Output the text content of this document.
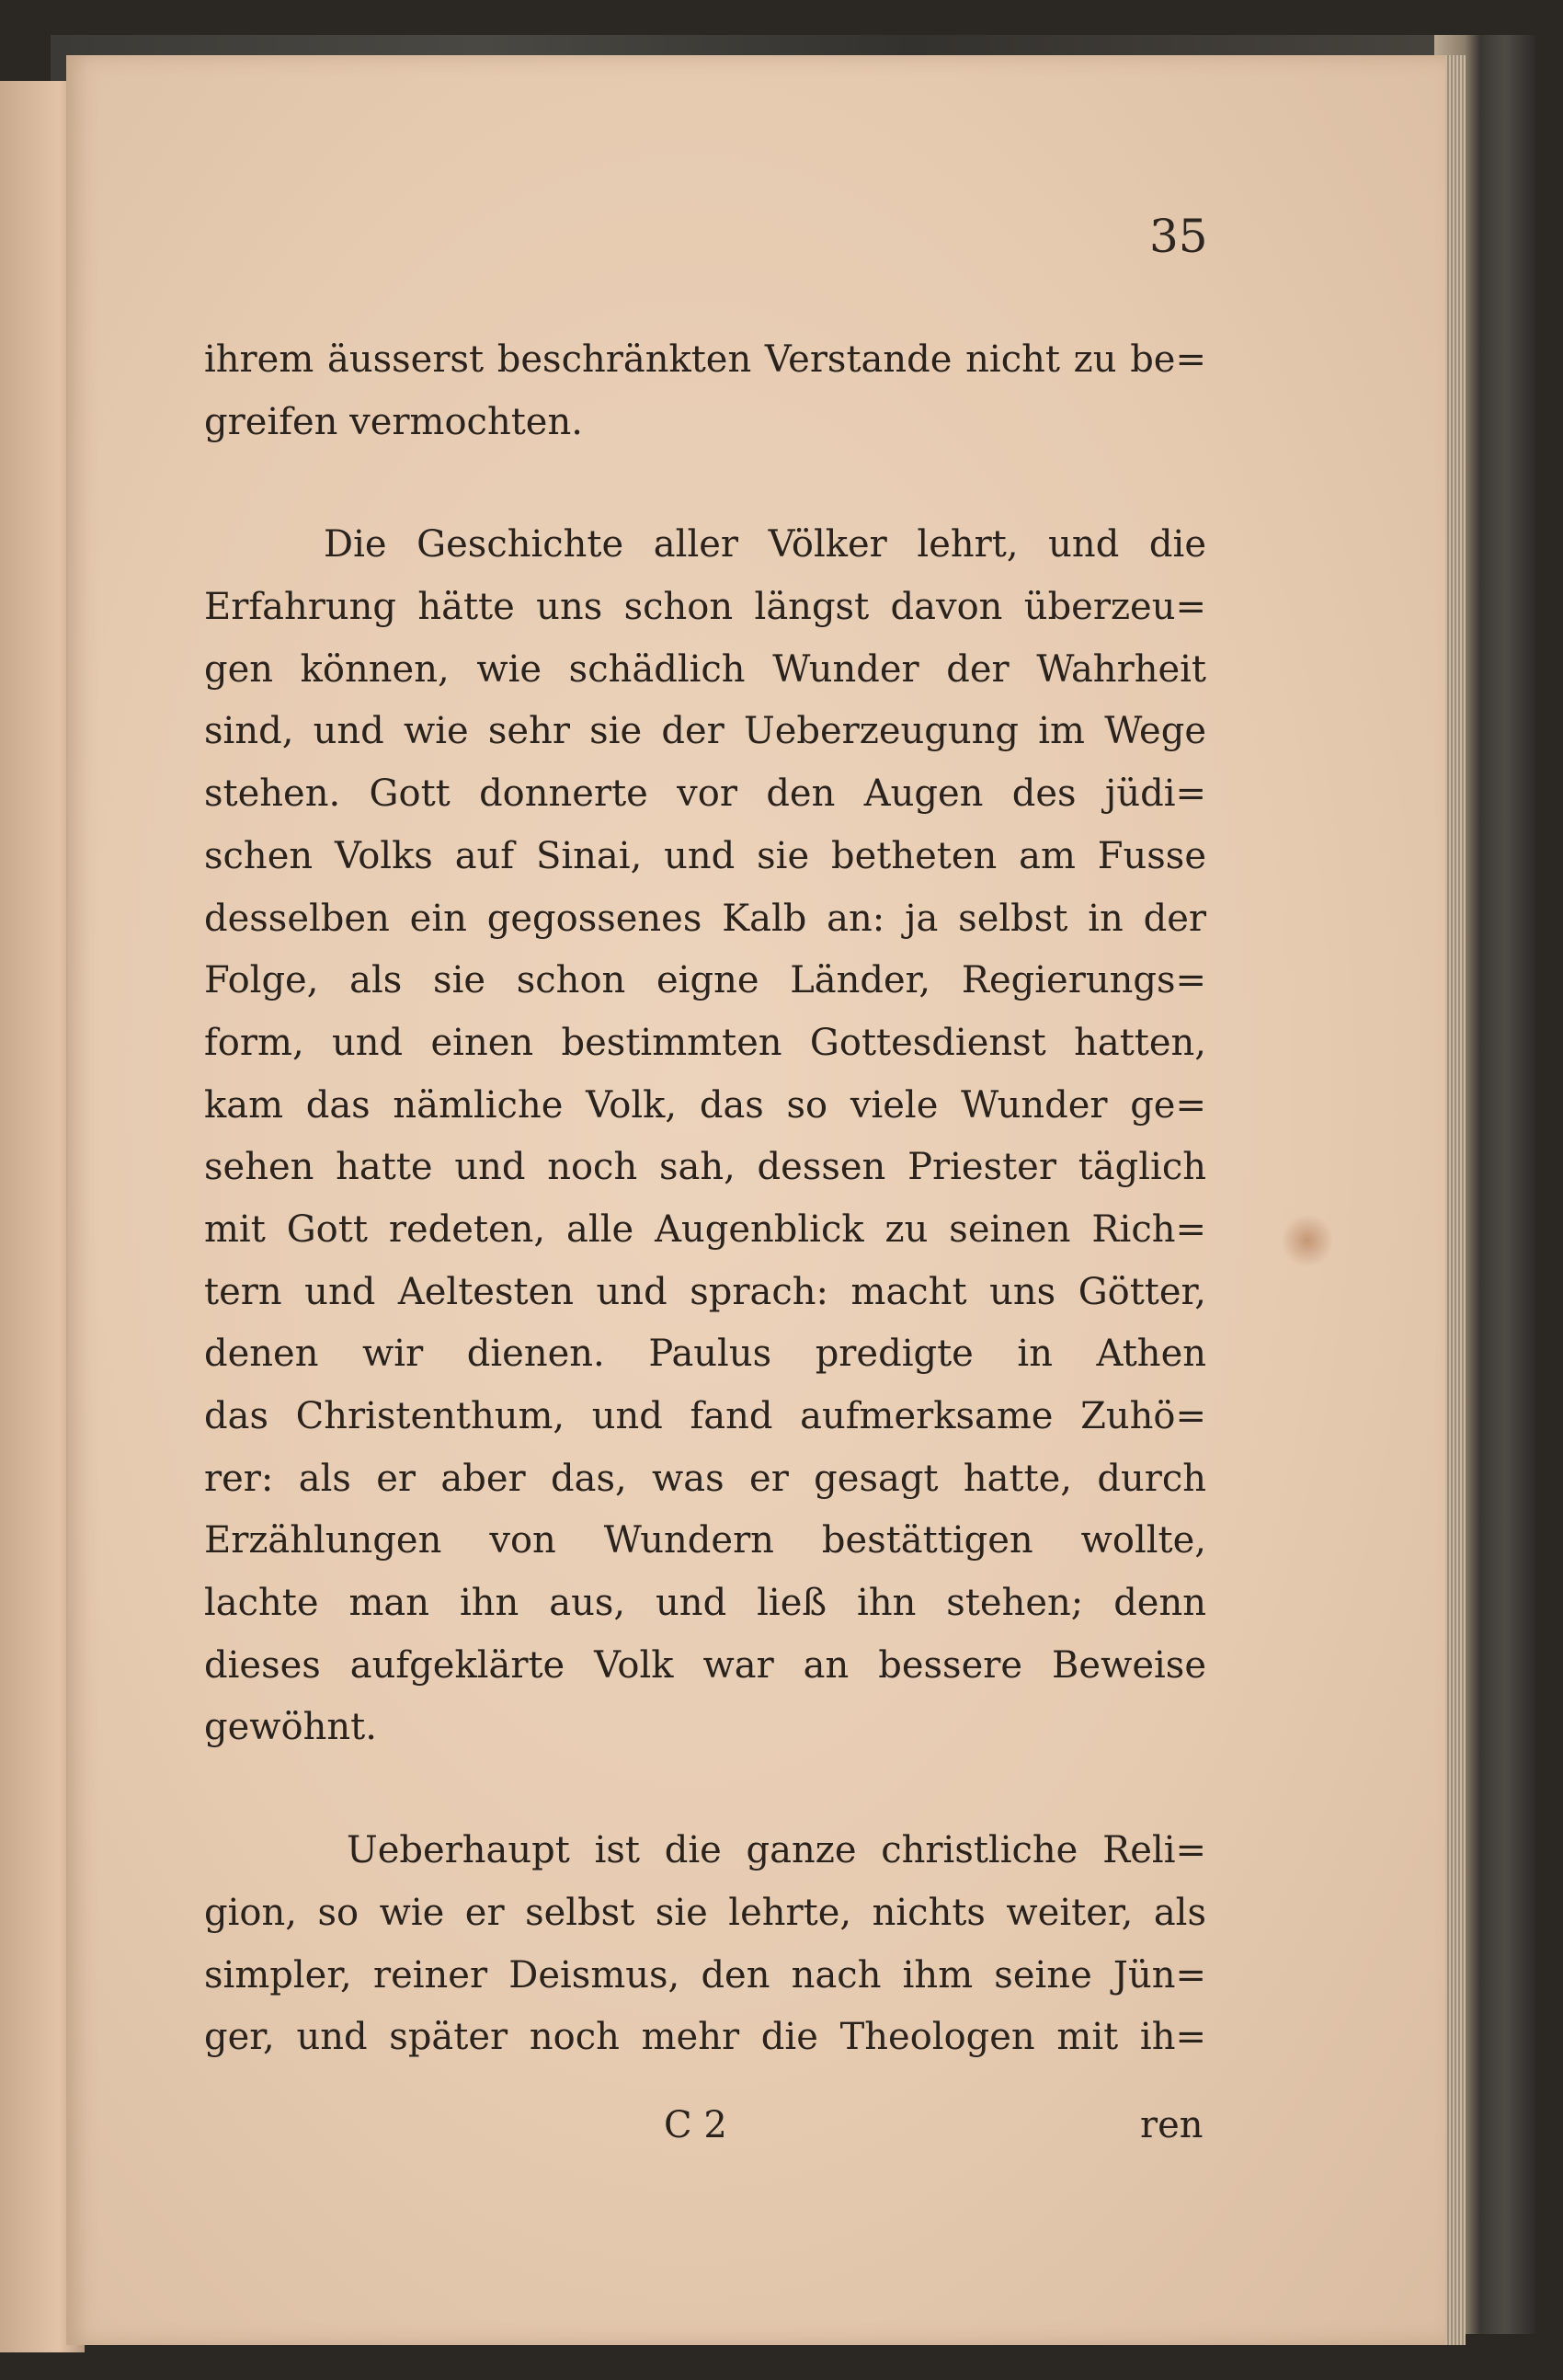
35
ihrem äusserst beschränkten Verstande nicht zu be=
greifen vermochten.
Die Geschichte aller Völker lehrt, und die
Erfahrung hätte uns schon längst davon überzeu=
gen können, wie schädlich Wunder der Wahrheit
sind, und wie sehr sie der Ueberzeugung im Wege
stehen. Gott donnerte vor den Augen des jüdi=
schen Volks auf Sinai, und sie betheten am Fusse
desselben ein gegossenes Kalb an: ja selbst in der
Folge, als sie schon eigne Länder, Regierungs=
form, und einen bestimmten Gottesdienst hatten,
kam das nämliche Volk, das so viele Wunder ge=
sehen hatte und noch sah, dessen Priester täglich
mit Gott redeten, alle Augenblick zu seinen Rich=
tern und Aeltesten und sprach: macht uns Götter,
denen wir dienen. Paulus predigte in Athen
das Christenthum, und fand aufmerksame Zuhö=
rer: als er aber das, was er gesagt hatte, durch
Erzählungen von Wundern bestättigen wollte,
lachte man ihn aus, und ließ ihn stehen; denn
dieses aufgeklärte Volk war an bessere Beweise
gewöhnt.
Ueberhaupt ist die ganze christliche Reli=
gion, so wie er selbst sie lehrte, nichts weiter, als
simpler, reiner Deismus, den nach ihm seine Jün=
ger, und später noch mehr die Theologen mit ih=
C 2	ren
